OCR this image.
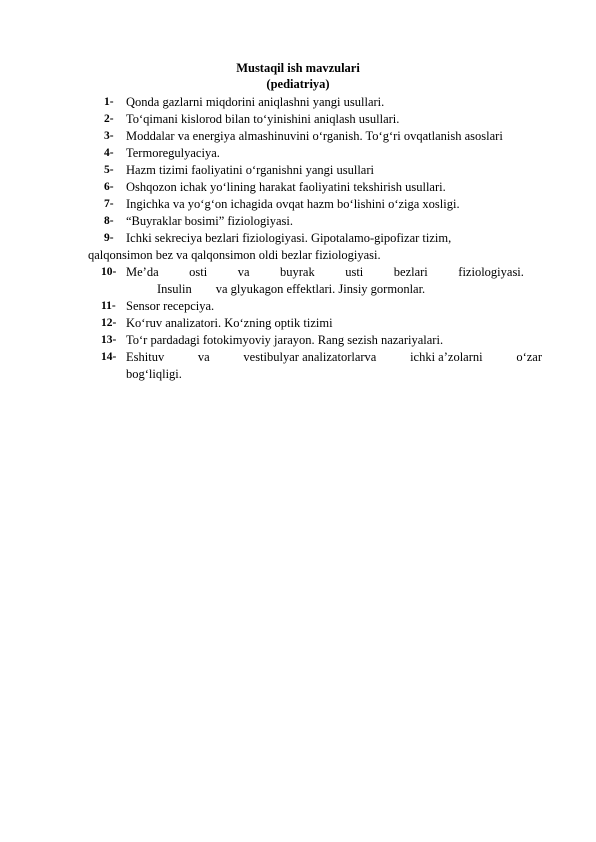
Mustaqil ish mavzulari
(pediatriya)
1- Qonda gazlarni miqdorini aniqlashni yangi usullari.
2- To‘qimani kislorod bilan to‘yinishini aniqlash usullari.
3- Moddalar va energiya almashinuvini o‘rganish. To‘g‘ri ovqatlanish asoslari
4- Termoregulyaciya.
5- Hazm tizimi faoliyatini o‘rganishni yangi usullari
6- Oshqozon ichak yo‘lining harakat faoliyatini tekshirish usullari.
7- Ingichka va yo‘g‘on ichagida ovqat hazm bo‘lishini o‘ziga xosligi.
8- “Buyraklar bosimi” fiziologiyasi.
9- Ichki sekreciya bezlari fiziologiyasi. Gipotalamo-gipofizar tizim,
qalqonsimon bez va qalqonsimon oldi bezlar fiziologiyasi.
10- Me’da osti va buyrak usti bezlari fiziologiyasi.
Insulin va glyukagon effektlari. Jinsiy gormonlar.
11- Sensor recepciya.
12- Ko‘ruv analizatori. Ko‘zning optik tizimi
13- To‘r pardadagi fotokimyoviy jarayon. Rang sezish nazariyalari.
14- Eshituv	va	vestibulyar analizatorlarva	ichki a’zolarni	o‘zar
bog‘liqligi.
